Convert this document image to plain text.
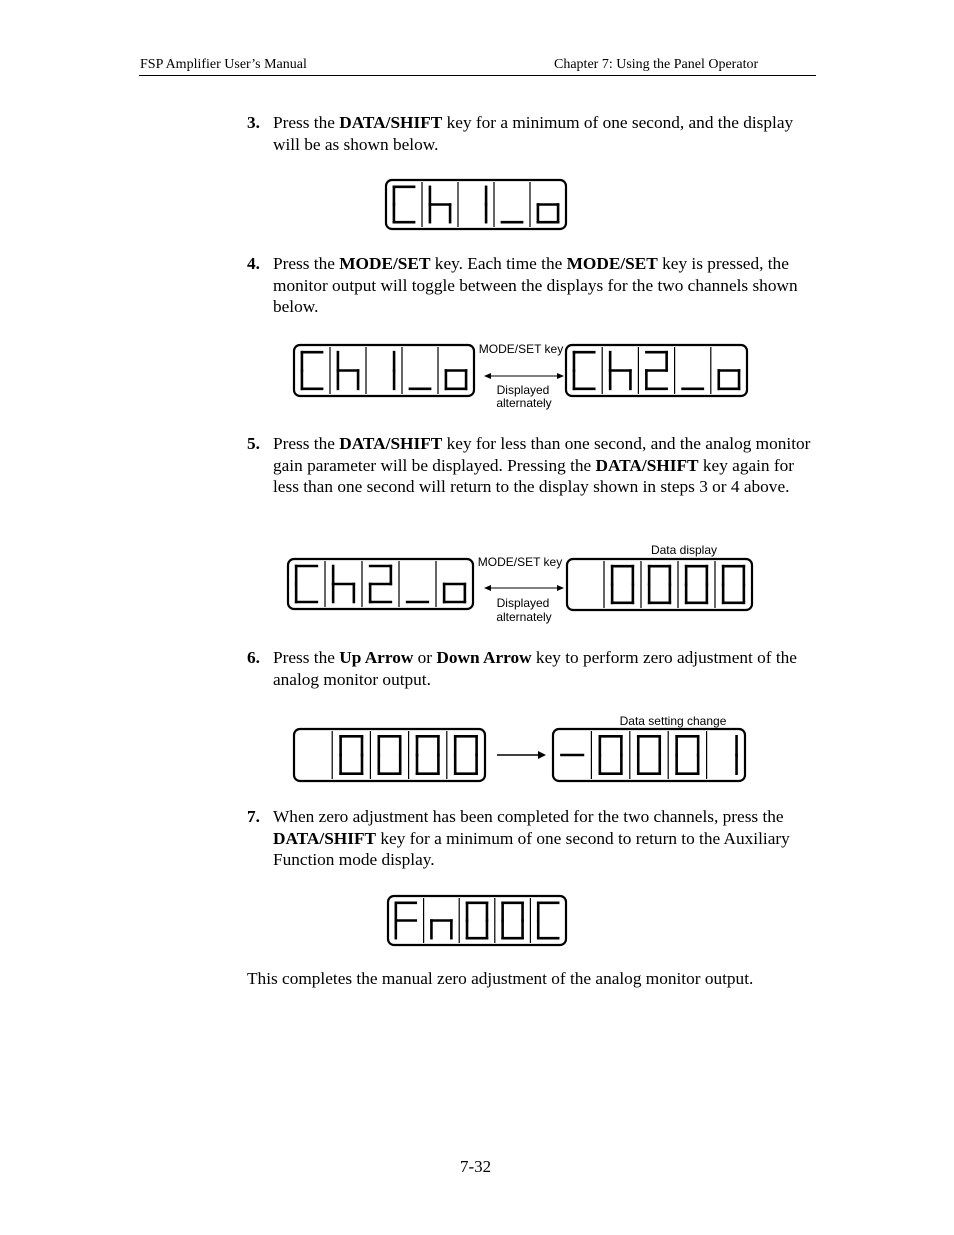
FSP Amplifier User’s Manual	Chapter 7: Using the Panel Operator
3. Press the DATA/SHIFT key for a minimum of one second, and the display will be as shown below.
4. Press the MODE/SET key. Each time the MODE/SET key is pressed, the monitor output will toggle between the displays for the two channels shown below.
5. Press the DATA/SHIFT key for less than one second, and the analog monitor gain parameter will be displayed. Pressing the DATA/SHIFT key again for less than one second will return to the display shown in steps 3 or 4 above.
6. Press the Up Arrow or Down Arrow key to perform zero adjustment of the analog monitor output.
7. When zero adjustment has been completed for the two channels, press the DATA/SHIFT key for a minimum of one second to return to the Auxiliary Function mode display.
MODE/SET key
Displayed
alternately
MODE/SET key
Displayed
alternately
Data display
Data setting change
This completes the manual zero adjustment of the analog monitor output.
7-32
